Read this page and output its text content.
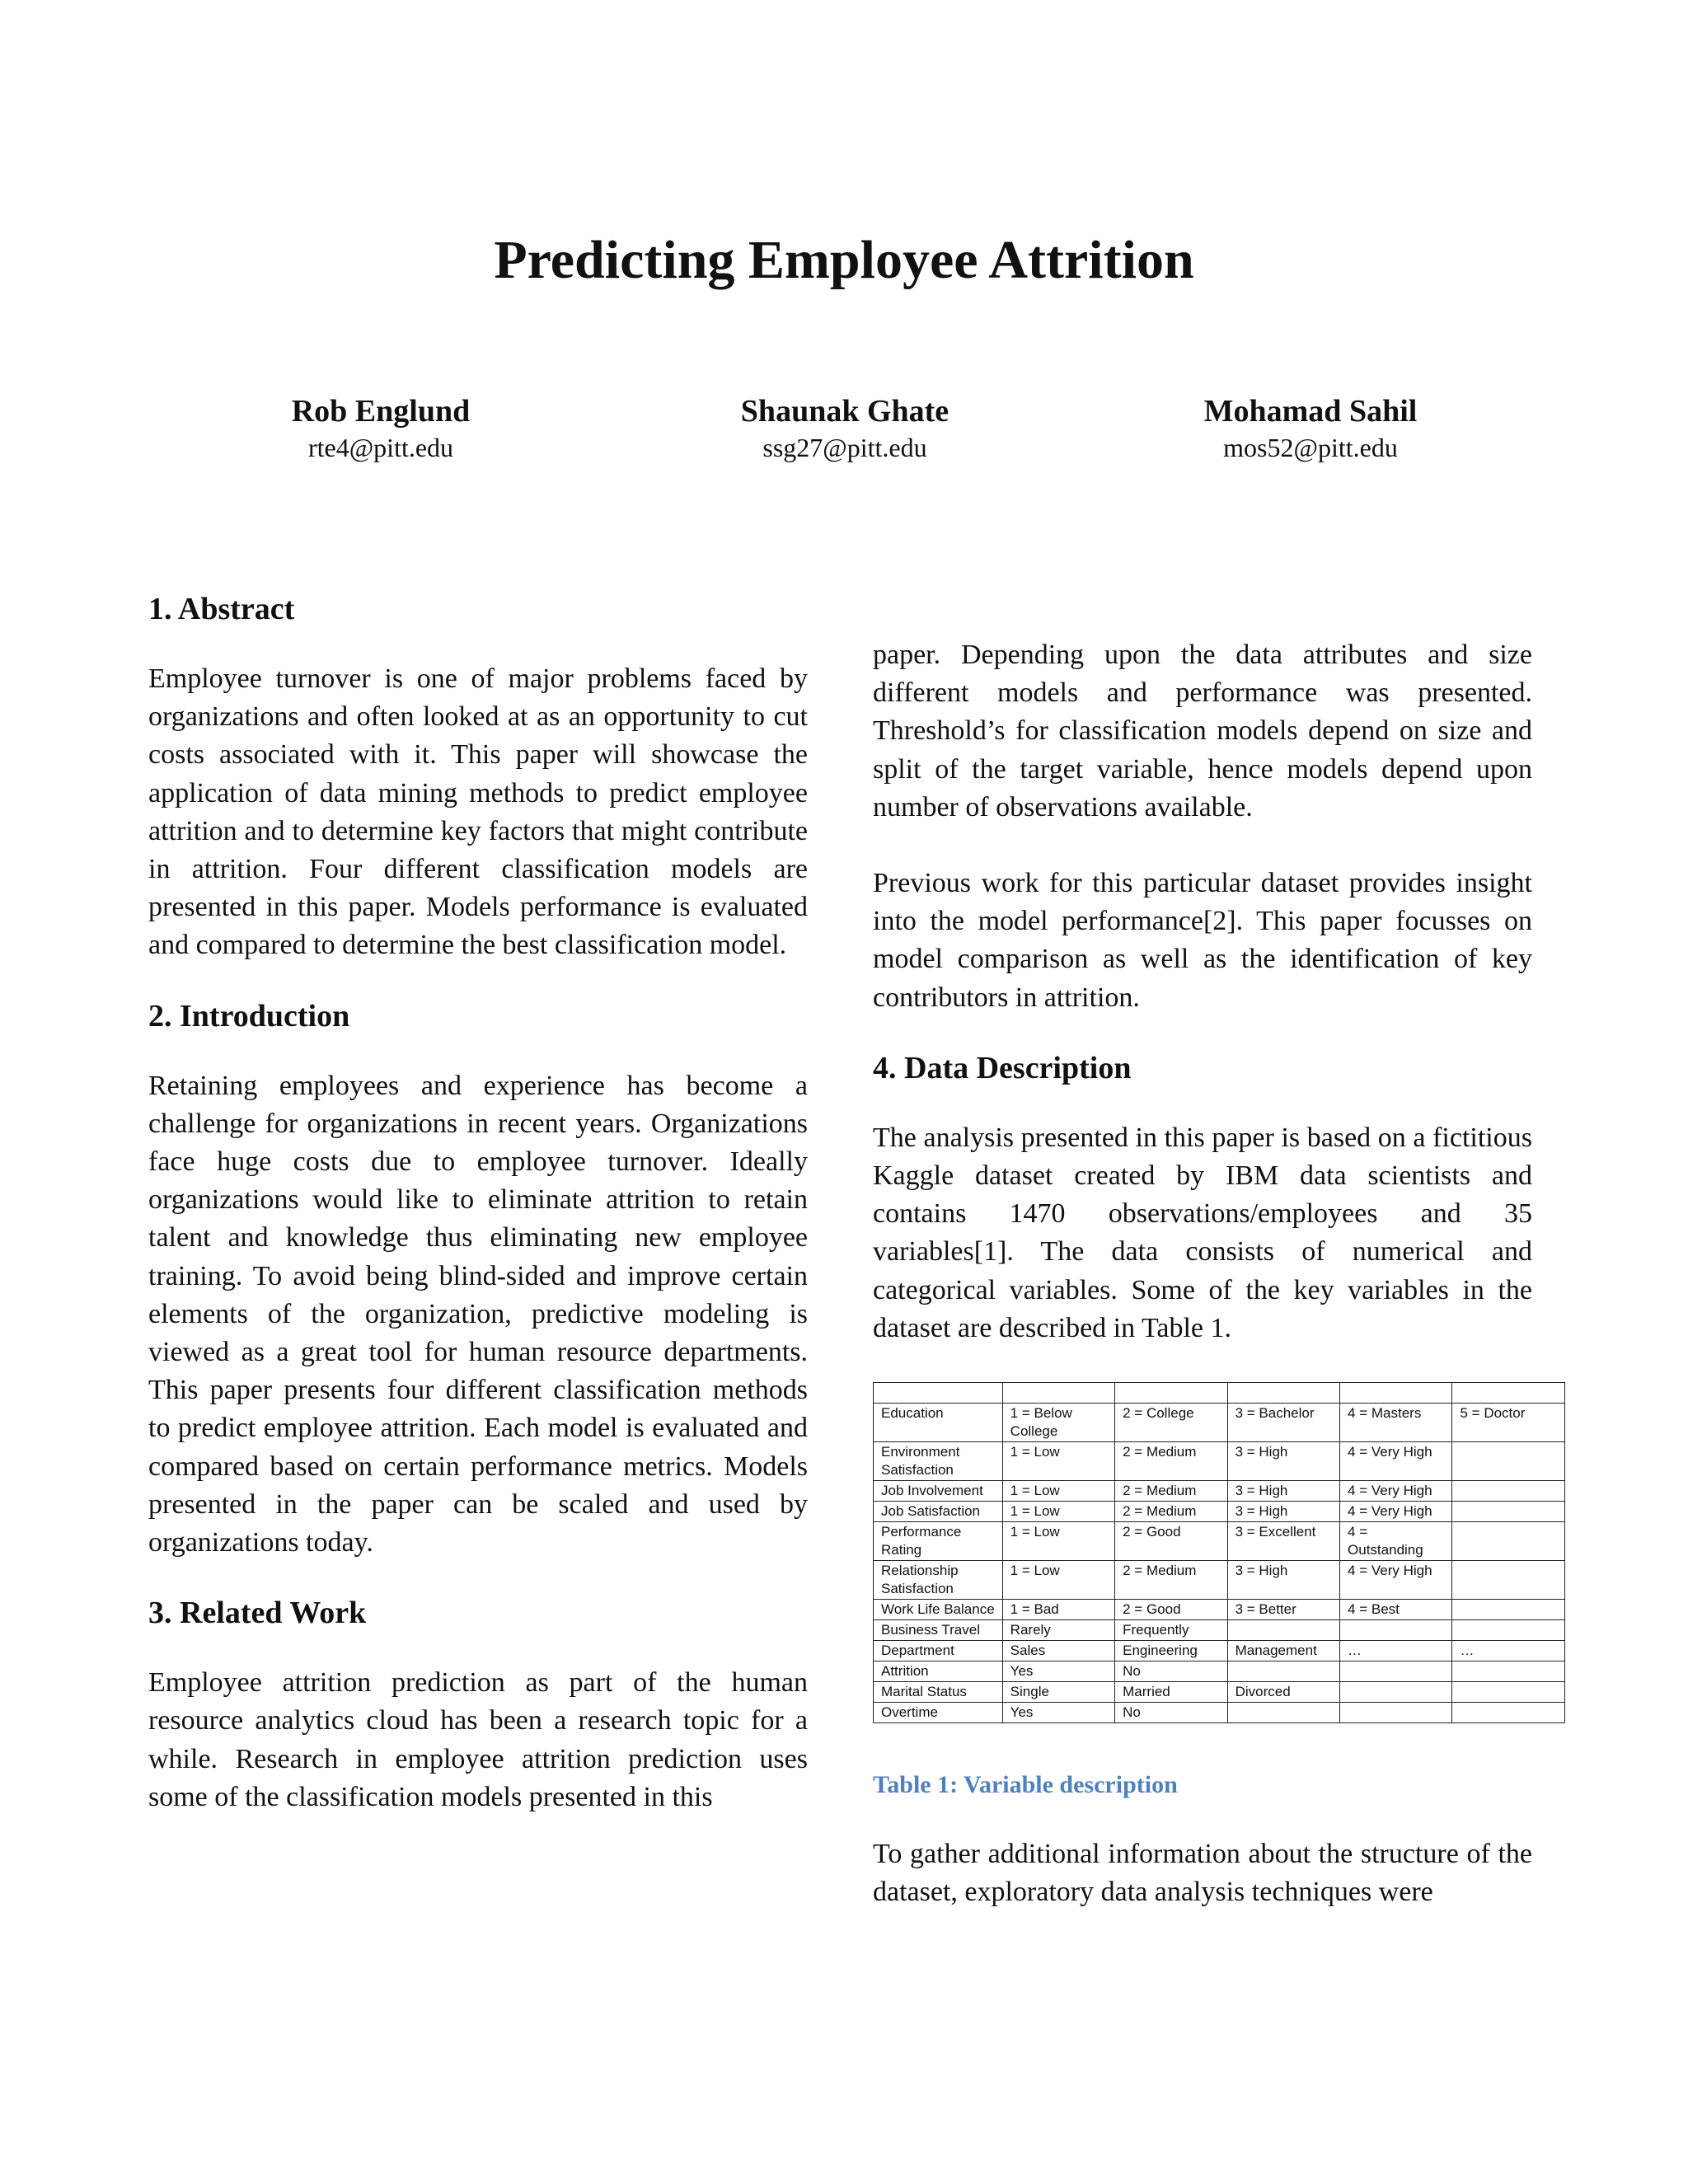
Predicting Employee Attrition
Rob Englund
rte4@pitt.edu
Shaunak Ghate
ssg27@pitt.edu
Mohamad Sahil
mos52@pitt.edu
1. Abstract

Employee turnover is one of major problems faced by organizations and often looked at as an opportunity to cut costs associated with it. This paper will showcase the application of data mining methods to predict employee attrition and to determine key factors that might contribute in attrition. Four different classification models are presented in this paper. Models performance is evaluated and compared to determine the best classification model.

2. Introduction

Retaining employees and experience has become a challenge for organizations in recent years. Organizations face huge costs due to employee turnover. Ideally organizations would like to eliminate attrition to retain talent and knowledge thus eliminating new employee training. To avoid being blind-sided and improve certain elements of the organization, predictive modeling is viewed as a great tool for human resource departments. This paper presents four different classification methods to predict employee attrition. Each model is evaluated and compared based on certain performance metrics. Models presented in the paper can be scaled and used by organizations today.

3. Related Work

Employee attrition prediction as part of the human resource analytics cloud has been a research topic for a while. Research in employee attrition prediction uses some of the classification models presented in this

paper. Depending upon the data attributes and size different models and performance was presented. Threshold’s for classification models depend on size and split of the target variable, hence models depend upon number of observations available.

Previous work for this particular dataset provides insight into the model performance[2]. This paper focusses on model comparison as well as the identification of key contributors in attrition.

4. Data Description

The analysis presented in this paper is based on a fictitious Kaggle dataset created by IBM data scientists and contains 1470 observations/employees and 35 variables[1]. The data consists of numerical and categorical variables. Some of the key variables in the dataset are described in Table 1.

Education	1 = Below College	2 = College	3 = Bachelor	4 = Masters	5 = Doctor
Environment Satisfaction	1 = Low	2 = Medium	3 = High	4 = Very High	
Job Involvement	1 = Low	2 = Medium	3 = High	4 = Very High	
Job Satisfaction	1 = Low	2 = Medium	3 = High	4 = Very High	
Performance Rating	1 = Low	2 = Good	3 = Excellent	4 = Outstanding	
Relationship Satisfaction	1 = Low	2 = Medium	3 = High	4 = Very High	
Work Life Balance	1 = Bad	2 = Good	3 = Better	4 = Best	
Business Travel	Rarely	Frequently			
Department	Sales	Engineering	Management	…	…
Attrition	Yes	No			
Marital Status	Single	Married	Divorced		
Overtime	Yes	No			
Table 1: Variable description

To gather additional information about the structure of the dataset, exploratory data analysis techniques were
